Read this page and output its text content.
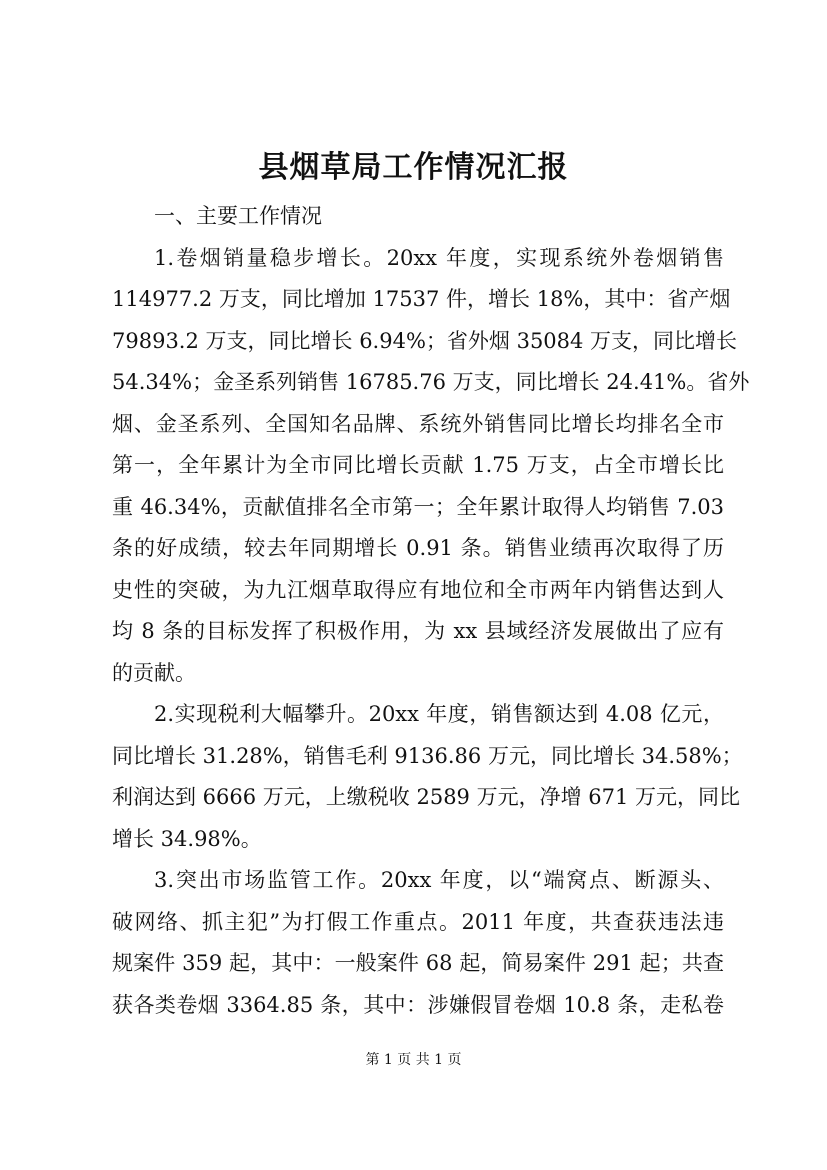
县烟草局工作情况汇报
一、主要工作情况
1.卷烟销量稳步增长。20xx 年度，实现系统外卷烟销售
114977.2 万支，同比增加 17537 件，增长 18%，其中：省产烟
79893.2 万支，同比增长 6.94%；省外烟 35084 万支，同比增长
54.34%；金圣系列销售 16785.76 万支，同比增长 24.41%。省外
烟、金圣系列、全国知名品牌、系统外销售同比增长均排名全市
第一，全年累计为全市同比增长贡献 1.75 万支，占全市增长比
重 46.34%，贡献值排名全市第一；全年累计取得人均销售 7.03
条的好成绩，较去年同期增长 0.91 条。销售业绩再次取得了历
史性的突破，为九江烟草取得应有地位和全市两年内销售达到人
均 8 条的目标发挥了积极作用，为 xx 县域经济发展做出了应有
的贡献。
2.实现税利大幅攀升。20xx 年度，销售额达到 4.08 亿元，
同比增长 31.28%，销售毛利 9136.86 万元，同比增长 34.58%；
利润达到 6666 万元，上缴税收 2589 万元，净增 671 万元，同比
增长 34.98%。
3.突出市场监管工作。20xx 年度，以“端窝点、断源头、
破网络、抓主犯”为打假工作重点。2011 年度，共查获违法违
规案件 359 起，其中：一般案件 68 起，简易案件 291 起；共查
获各类卷烟 3364.85 条，其中：涉嫌假冒卷烟 10.8 条，走私卷
第 1 页 共 1 页
